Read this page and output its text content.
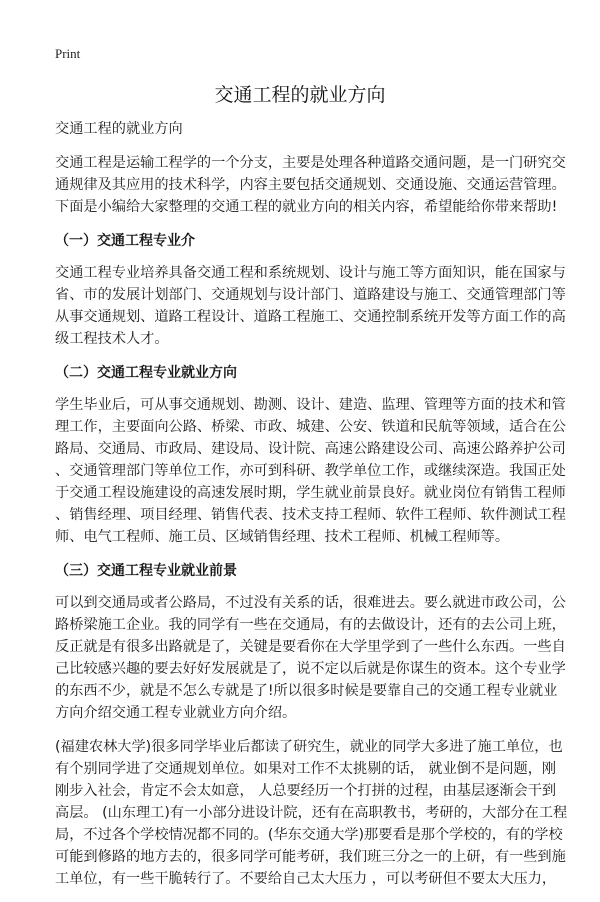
Print
交通工程的就业方向
交通工程的就业方向
交通工程是运输工程学的一个分支，主要是处理各种道路交通问题，是一门研究交
通规律及其应用的技术科学，内容主要包括交通规划、交通设施、交通运营管理。
下面是小编给大家整理的交通工程的就业方向的相关内容，希望能给你带来帮助!
（一）交通工程专业介
交通工程专业培养具备交通工程和系统规划、设计与施工等方面知识，能在国家与
省、市的发展计划部门、交通规划与设计部门、道路建设与施工、交通管理部门等
从事交通规划、道路工程设计、道路工程施工、交通控制系统开发等方面工作的高
级工程技术人才。
（二）交通工程专业就业方向
学生毕业后，可从事交通规划、勘测、设计、建造、监理、管理等方面的技术和管
理工作，主要面向公路、桥梁、市政、城建、公安、铁道和民航等领域，适合在公
路局、交通局、市政局、建设局、设计院、高速公路建设公司、高速公路养护公司
、交通管理部门等单位工作，亦可到科研、教学单位工作，或继续深造。我国正处
于交通工程设施建设的高速发展时期，学生就业前景良好。就业岗位有销售工程师
、销售经理、项目经理、销售代表、技术支持工程师、软件工程师、软件测试工程
师、电气工程师、施工员、区域销售经理、技术工程师、机械工程师等。
（三）交通工程专业就业前景
可以到交通局或者公路局，不过没有关系的话，很难进去。要么就进市政公司，公
路桥梁施工企业。我的同学有一些在交通局，有的去做设计，还有的去公司上班，
反正就是有很多出路就是了，关键是要看你在大学里学到了一些什么东西。一些自
己比较感兴趣的要去好好发展就是了，说不定以后就是你谋生的资本。这个专业学
的东西不少，就是不怎么专就是了!所以很多时候是要靠自己的交通工程专业就业
方向介绍交通工程专业就业方向介绍。
(福建农林大学)很多同学毕业后都读了研究生，就业的同学大多进了施工单位，也
有个别同学进了交通规划单位。如果对工作不太挑剔的话， 就业倒不是问题，刚
刚步入社会，肯定不会太如意， 人总要经历一个打拼的过程，由基层逐渐会干到
高层。 (山东理工)有一小部分进设计院，还有在高职教书，考研的，大部分在工程
局，不过各个学校情况都不同的。(华东交通大学)那要看是那个学校的，有的学校
可能到修路的地方去的，很多同学可能考研，我们班三分之一的上研，有一些到施
工单位，有一些干脆转行了。不要给自己太大压力 ，可以考研但不要太大压力，
